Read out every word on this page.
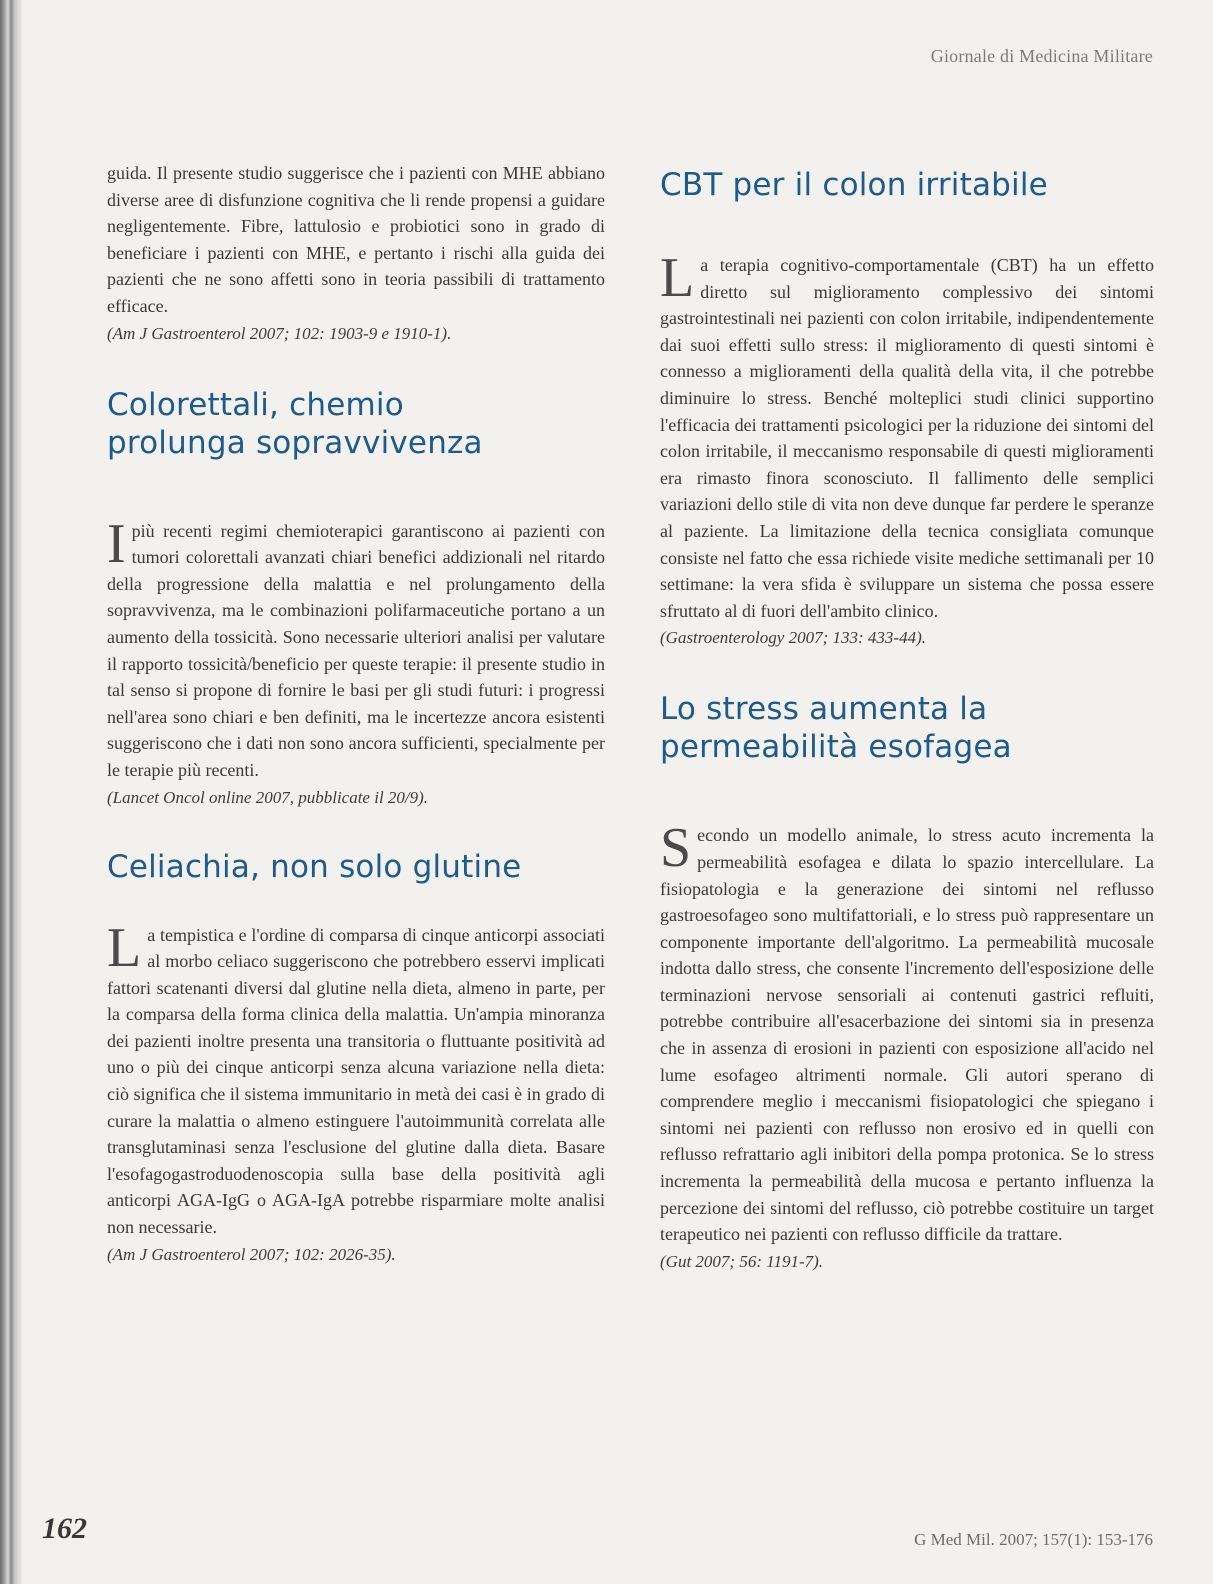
Giornale di Medicina Militare

guida. Il presente studio suggerisce che i pazienti con MHE abbiano diverse aree di disfunzione cognitiva che li rende propensi a guidare negligentemente. Fibre, lattulosio e probiotici sono in grado di beneficiare i pazienti con MHE, e pertanto i rischi alla guida dei pazienti che ne sono affetti sono in teoria passibili di trattamento efficace.

(Am J Gastroenterol 2007; 102: 1903-9 e 1910-1).

Colorettali, chemio prolunga sopravvivenza

Ipiù recenti regimi chemioterapici garantiscono ai pazienti con tumori colorettali avanzati chiari benefici addizionali nel ritardo della progressione della malattia e nel prolungamento della sopravvivenza, ma le combinazioni polifarmaceutiche portano a un aumento della tossicità. Sono necessarie ulteriori analisi per valutare il rapporto tossicità/beneficio per queste terapie: il presente studio in tal senso si propone di fornire le basi per gli studi futuri: i progressi nell'area sono chiari e ben definiti, ma le incertezze ancora esistenti suggeriscono che i dati non sono ancora sufficienti, specialmente per le terapie più recenti.

(Lancet Oncol online 2007, pubblicate il 20/9).

Celiachia, non solo glutine

La tempistica e l'ordine di comparsa di cinque anticorpi associati al morbo celiaco suggeriscono che potrebbero esservi implicati fattori scatenanti diversi dal glutine nella dieta, almeno in parte, per la comparsa della forma clinica della malattia. Un'ampia minoranza dei pazienti inoltre presenta una transitoria o fluttuante positività ad uno o più dei cinque anticorpi senza alcuna variazione nella dieta: ciò significa che il sistema immunitario in metà dei casi è in grado di curare la malattia o almeno estinguere l'autoimmunità correlata alle transglutaminasi senza l'esclusione del glutine dalla dieta. Basare l'esofagogastroduodenoscopia sulla base della positività agli anticorpi AGA-IgG o AGA-IgA potrebbe risparmiare molte analisi non necessarie.

(Am J Gastroenterol 2007; 102: 2026-35).

CBT per il colon irritabile

La terapia cognitivo-comportamentale (CBT) ha un effetto diretto sul miglioramento complessivo dei sintomi gastrointestinali nei pazienti con colon irritabile, indipendentemente dai suoi effetti sullo stress: il miglioramento di questi sintomi è connesso a miglioramenti della qualità della vita, il che potrebbe diminuire lo stress. Benché molteplici studi clinici supportino l'efficacia dei trattamenti psicologici per la riduzione dei sintomi del colon irritabile, il meccanismo responsabile di questi miglioramenti era rimasto finora sconosciuto. Il fallimento delle semplici variazioni dello stile di vita non deve dunque far perdere le speranze al paziente. La limitazione della tecnica consigliata comunque consiste nel fatto che essa richiede visite mediche settimanali per 10 settimane: la vera sfida è sviluppare un sistema che possa essere sfruttato al di fuori dell'ambito clinico.

(Gastroenterology 2007; 133: 433-44).

Lo stress aumenta la permeabilità esofagea

Secondo un modello animale, lo stress acuto incrementa la permeabilità esofagea e dilata lo spazio intercellulare. La fisiopatologia e la generazione dei sintomi nel reflusso gastroesofageo sono multifattoriali, e lo stress può rappresentare un componente importante dell'algoritmo. La permeabilità mucosale indotta dallo stress, che consente l'incremento dell'esposizione delle terminazioni nervose sensoriali ai contenuti gastrici refluiti, potrebbe contribuire all'esacerbazione dei sintomi sia in presenza che in assenza di erosioni in pazienti con esposizione all'acido nel lume esofageo altrimenti normale. Gli autori sperano di comprendere meglio i meccanismi fisiopatologici che spiegano i sintomi nei pazienti con reflusso non erosivo ed in quelli con reflusso refrattario agli inibitori della pompa protonica. Se lo stress incrementa la permeabilità della mucosa e pertanto influenza la percezione dei sintomi del reflusso, ciò potrebbe costituire un target terapeutico nei pazienti con reflusso difficile da trattare.

(Gut 2007; 56: 1191-7).

162	G Med Mil. 2007; 157(1): 153-176
